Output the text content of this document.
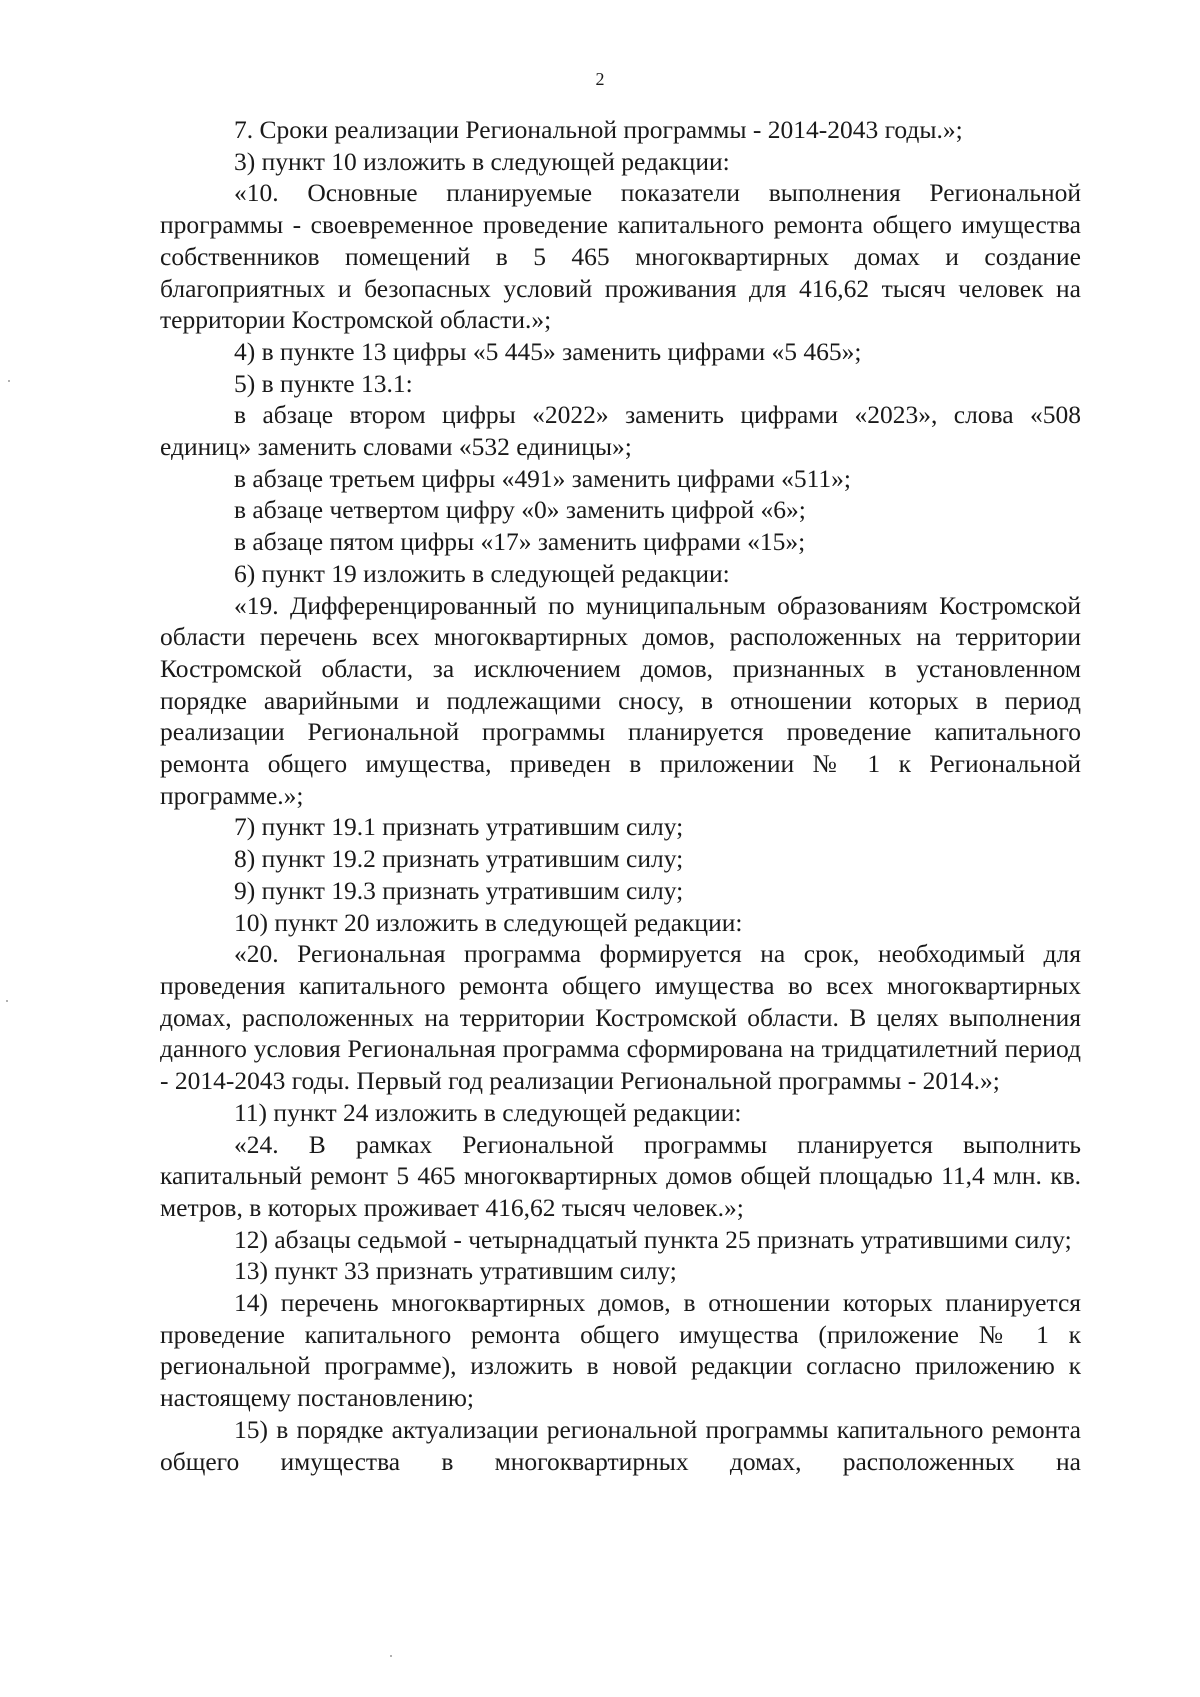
2

7. Сроки реализации Региональной программы - 2014-2043 годы.»;

3) пункт 10 изложить в следующей редакции:

«10. Основные планируемые показатели выполнения Региональной программы - своевременное проведение капитального ремонта общего имущества собственников помещений в 5 465 многоквартирных домах и создание благоприятных и безопасных условий проживания для 416,62 тысяч человек на территории Костромской области.»;

4) в пункте 13 цифры «5 445» заменить цифрами «5 465»;

5) в пункте 13.1:

в абзаце втором цифры «2022» заменить цифрами «2023», слова «508 единиц» заменить словами «532 единицы»;

в абзаце третьем цифры «491» заменить цифрами «511»;

в абзаце четвертом цифру «0» заменить цифрой «6»;

в абзаце пятом цифры «17» заменить цифрами «15»;

6) пункт 19 изложить в следующей редакции:

«19. Дифференцированный по муниципальным образованиям Костромской области перечень всех многоквартирных домов, расположенных на территории Костромской области, за исключением домов, признанных в установленном порядке аварийными и подлежащими сносу, в отношении которых в период реализации Региональной программы планируется проведение капитального ремонта общего имущества, приведен в приложении № 1 к Региональной программе.»;

7) пункт 19.1 признать утратившим силу;

8) пункт 19.2 признать утратившим силу;

9) пункт 19.3 признать утратившим силу;

10) пункт 20 изложить в следующей редакции:

«20. Региональная программа формируется на срок, необходимый для проведения капитального ремонта общего имущества во всех многоквартирных домах, расположенных на территории Костромской области. В целях выполнения данного условия Региональная программа сформирована на тридцатилетний период - 2014-2043 годы. Первый год реализации Региональной программы - 2014.»;

11) пункт 24 изложить в следующей редакции:

«24. В рамках Региональной программы планируется выполнить капитальный ремонт 5 465 многоквартирных домов общей площадью 11,4 млн. кв. метров, в которых проживает 416,62 тысяч человек.»;

12) абзацы седьмой - четырнадцатый пункта 25 признать утратившими силу;

13) пункт 33 признать утратившим силу;

14) перечень многоквартирных домов, в отношении которых планируется проведение капитального ремонта общего имущества (приложение № 1 к региональной программе), изложить в новой редакции согласно приложению к настоящему постановлению;

15) в порядке актуализации региональной программы капитального ремонта общего имущества в многоквартирных домах, расположенных на
